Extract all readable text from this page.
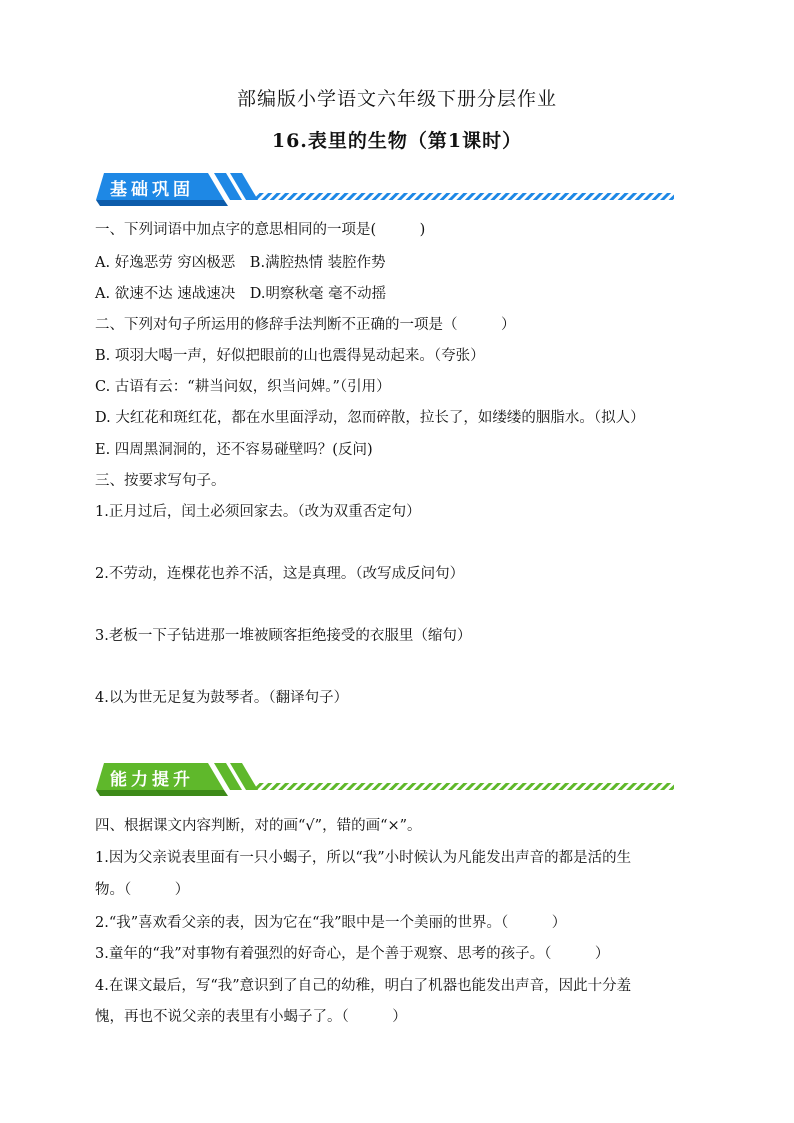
部编版小学语文六年级下册分层作业
16.表里的生物（第1课时）
基础巩固
一、下列词语中加点字的意思相同的一项是(　　　)
A. 好逸恶劳 穷凶极恶　B.满腔热情 装腔作势
A. 欲速不达 速战速决　D.明察秋毫 毫不动摇
二、下列对句子所运用的修辞手法判断不正确的一项是（　　　）
B. 项羽大喝一声，好似把眼前的山也震得晃动起来。（夸张）
C. 古语有云：“耕当问奴，织当问婢。”（引用）
D. 大红花和斑红花，都在水里面浮动，忽而碎散，拉长了，如缕缕的胭脂水。（拟人）
E. 四周黑洞洞的，还不容易碰壁吗？(反问)
三、按要求写句子。
1.正月过后，闰土必须回家去。（改为双重否定句）
2.不劳动，连棵花也养不活，这是真理。（改写成反问句）
3.老板一下子钻进那一堆被顾客拒绝接受的衣服里（缩句）
4.以为世无足复为鼓琴者。（翻译句子）
能力提升
四、根据课文内容判断，对的画“√”，错的画“×”。
1.因为父亲说表里面有一只小蝎子，所以“我”小时候认为凡能发出声音的都是活的生
物。（　　　）
2.“我”喜欢看父亲的表，因为它在“我”眼中是一个美丽的世界。（　　　）
3.童年的“我”对事物有着强烈的好奇心，是个善于观察、思考的孩子。（　　　）
4.在课文最后，写“我”意识到了自己的幼稚，明白了机器也能发出声音，因此十分羞
愧，再也不说父亲的表里有小蝎子了。（　　　）
